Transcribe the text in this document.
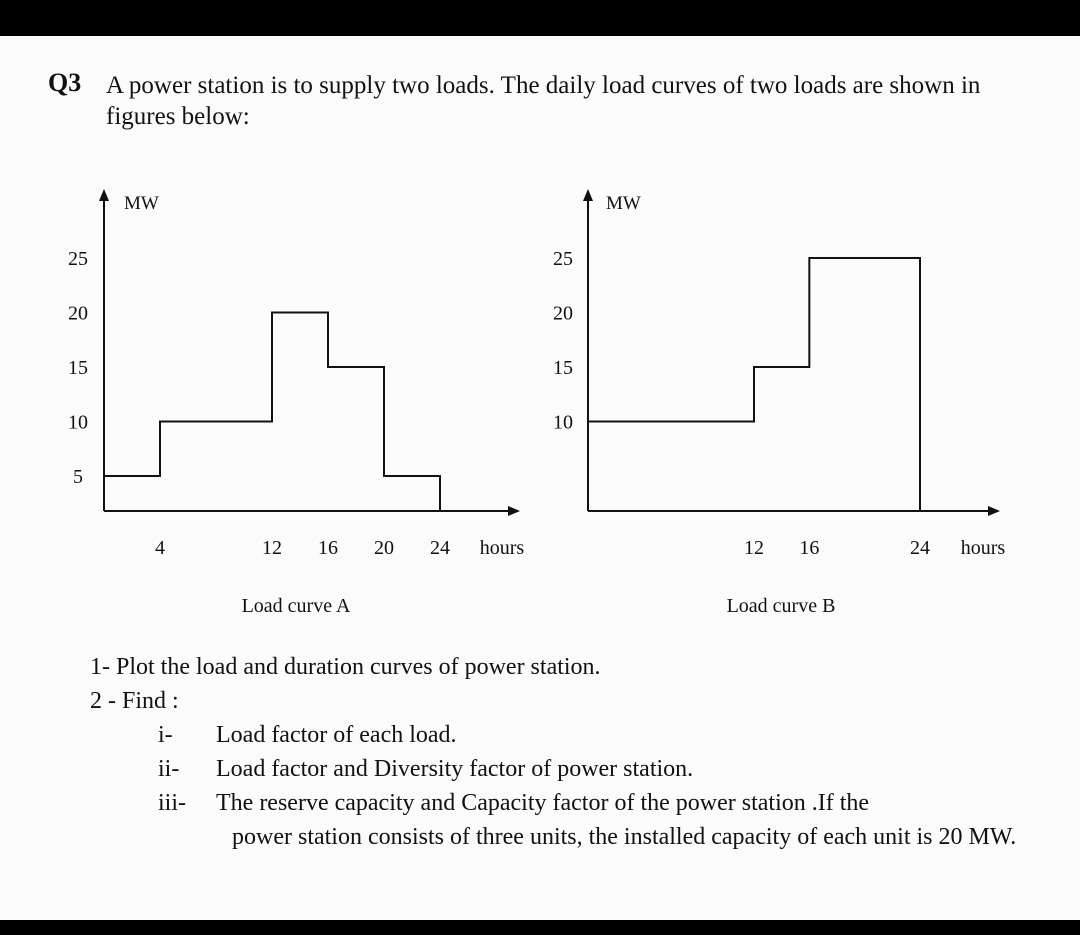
Q3 A power station is to supply two loads. The daily load curves of two loads are shown in figures below:
MW
hours
5
10
15
20
25
4	12 16 20 24
Load curve A
MW
hours
10
15
20
25
12 16	24
Load curve B
1- Plot the load and duration curves of power station.
2 - Find :
i- Load factor of each load.
ii- Load factor and Diversity factor of power station.
iii- The reserve capacity and Capacity factor of the power station .If the
power station consists of three units, the installed capacity of each unit is 20 MW.
